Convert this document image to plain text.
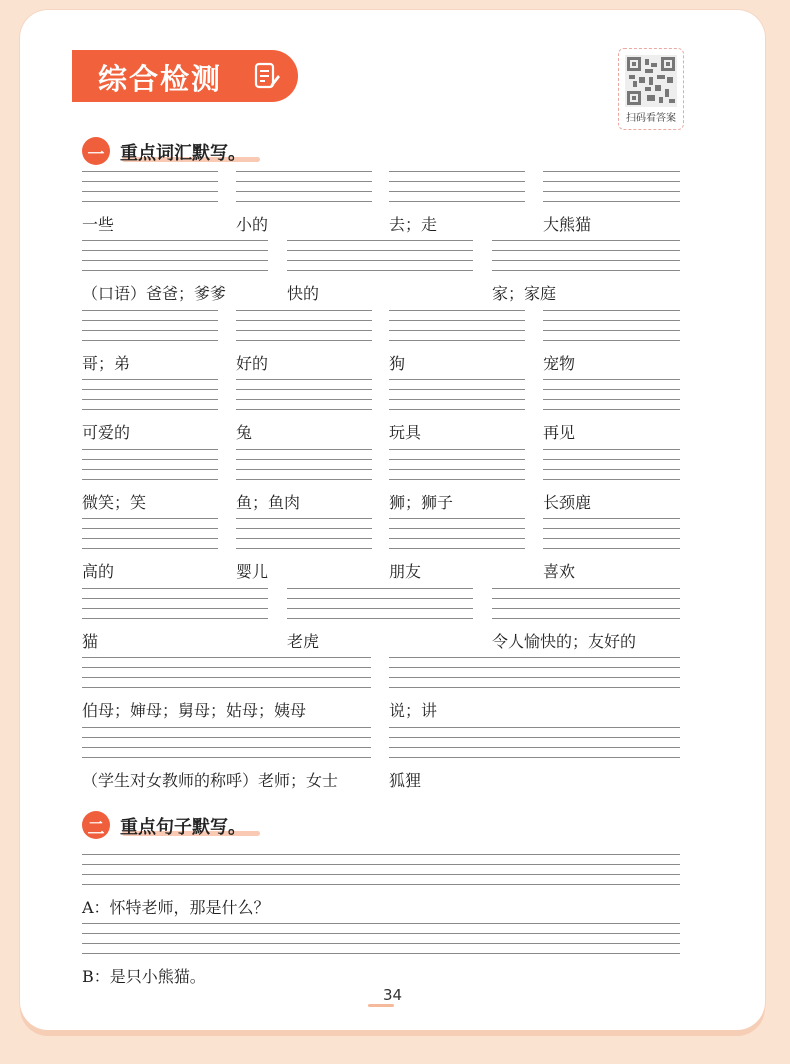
综合检测
扫码看答案
一 重点词汇默写。
一些	小的	去；走	大熊猫
（口语）爸爸；爹爹	快的	家；家庭
哥；弟	好的	狗	宠物
可爱的	兔	玩具	再见
微笑；笑	鱼；鱼肉	狮；狮子	长颈鹿
高的	婴儿	朋友	喜欢
猫	老虎	令人愉快的；友好的
伯母；婶母；舅母；姑母；姨母	说；讲
（学生对女教师的称呼）老师；女士	狐狸
二 重点句子默写。
A：怀特老师，那是什么？
B：是只小熊猫。
34
